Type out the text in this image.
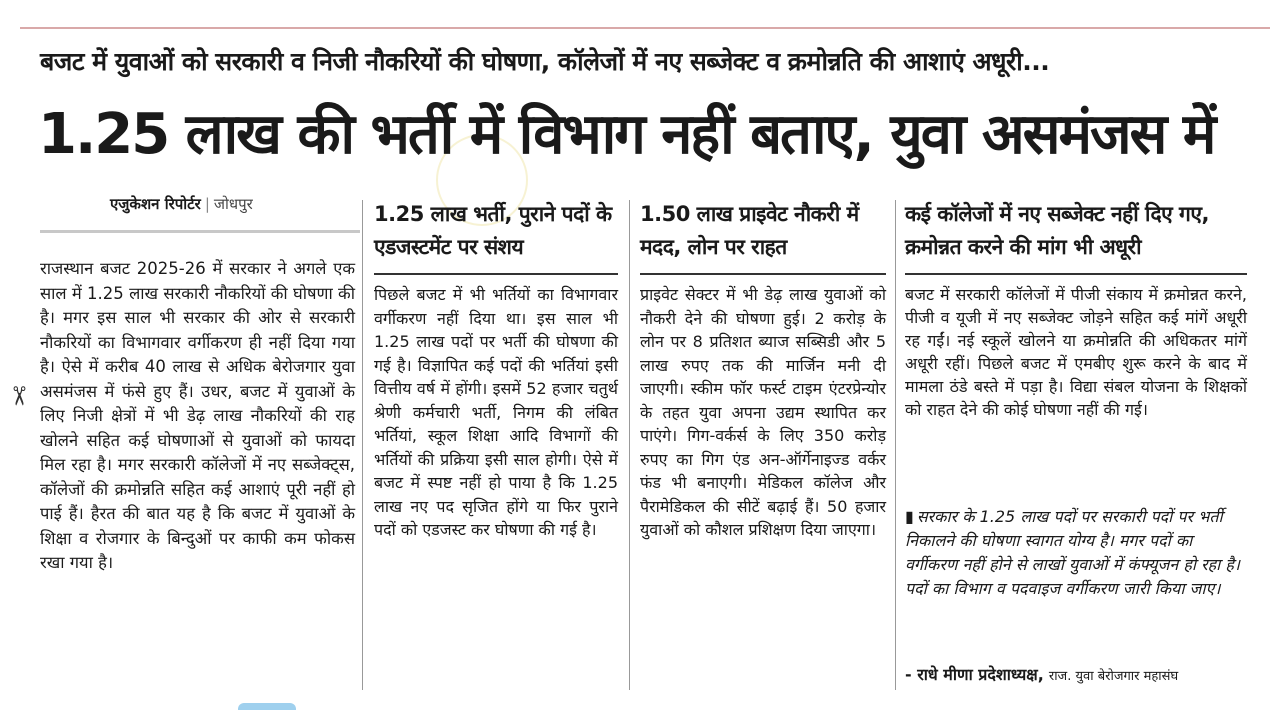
बजट में युवाओं को सरकारी व निजी नौकरियों की घोषणा, कॉलेजों में नए सब्जेक्ट व क्रमोन्नति की आशाएं अधूरी...
1.25 लाख की भर्ती में विभाग नहीं बताए, युवा असमंजस में
एजुकेशन रिपोर्टर | जोधपुर
✂
राजस्थान बजट 2025-26 में सरकार ने अगले एक साल में 1.25 लाख सरकारी नौकरियों की घोषणा की है। मगर इस साल भी सरकार की ओर से सरकारी नौकरियों का विभागवार वर्गीकरण ही नहीं दिया गया है। ऐसे में करीब 40 लाख से अधिक बेरोजगार युवा असमंजस में फंसे हुए हैं। उधर, बजट में युवाओं के लिए निजी क्षेत्रों में भी डेढ़ लाख नौकरियों की राह खोलने सहित कई घोषणाओं से युवाओं को फायदा मिल रहा है। मगर सरकारी कॉलेजों में नए सब्जेक्ट्स, कॉलेजों की क्रमोन्नति सहित कई आशाएं पूरी नहीं हो पाई हैं। हैरत की बात यह है कि बजट में युवाओं के शिक्षा व रोजगार के बिन्दुओं पर काफी कम फोकस रखा गया है।
1.25 लाख भर्ती, पुराने पदों के एडजस्टमेंट पर संशय
पिछले बजट में भी भर्तियों का विभागवार वर्गीकरण नहीं दिया था। इस साल भी 1.25 लाख पदों पर भर्ती की घोषणा की गई है। विज्ञापित कई पदों की भर्तियां इसी वित्तीय वर्ष में होंगी। इसमें 52 हजार चतुर्थ श्रेणी कर्मचारी भर्ती, निगम की लंबित भर्तियां, स्कूल शिक्षा आदि विभागों की भर्तियों की प्रक्रिया इसी साल होगी। ऐसे में बजट में स्पष्ट नहीं हो पाया है कि 1.25 लाख नए पद सृजित होंगे या फिर पुराने पदों को एडजस्ट कर घोषणा की गई है।
1.50 लाख प्राइवेट नौकरी में मदद, लोन पर राहत
प्राइवेट सेक्टर में भी डेढ़ लाख युवाओं को नौकरी देने की घोषणा हुई। 2 करोड़ के लोन पर 8 प्रतिशत ब्याज सब्सिडी और 5 लाख रुपए तक की मार्जिन मनी दी जाएगी। स्कीम फॉर फर्स्ट टाइम एंटरप्रेन्योर के तहत युवा अपना उद्यम स्थापित कर पाएंगे। गिग-वर्कर्स के लिए 350 करोड़ रुपए का गिग एंड अन-ऑर्गेनाइज्ड वर्कर फंड भी बनाएगी। मेडिकल कॉलेज और पैरामेडिकल की सीटें बढ़ाई हैं। 50 हजार युवाओं को कौशल प्रशिक्षण दिया जाएगा।
कई कॉलेजों में नए सब्जेक्ट नहीं दिए गए, क्रमोन्नत करने की मांग भी अधूरी
बजट में सरकारी कॉलेजों में पीजी संकाय में क्रमोन्नत करने, पीजी व यूजी में नए सब्जेक्ट जोड़ने सहित कई मांगें अधूरी रह गईं। नई स्कूलें खोलने या क्रमोन्नति की अधिकतर मांगें अधूरी रहीं। पिछले बजट में एमबीए शुरू करने के बाद में मामला ठंडे बस्ते में पड़ा है। विद्या संबल योजना के शिक्षकों को राहत देने की कोई घोषणा नहीं की गई।
▮ सरकार के 1.25 लाख पदों पर सरकारी पदों पर भर्ती निकालने की घोषणा स्वागत योग्य है। मगर पदों का वर्गीकरण नहीं होने से लाखों युवाओं में कंफ्यूजन हो रहा है। पदों का विभाग व पदवाइज वर्गीकरण जारी किया जाए।
- राधे मीणा प्रदेशाध्यक्ष, राज. युवा बेरोजगार महासंघ
